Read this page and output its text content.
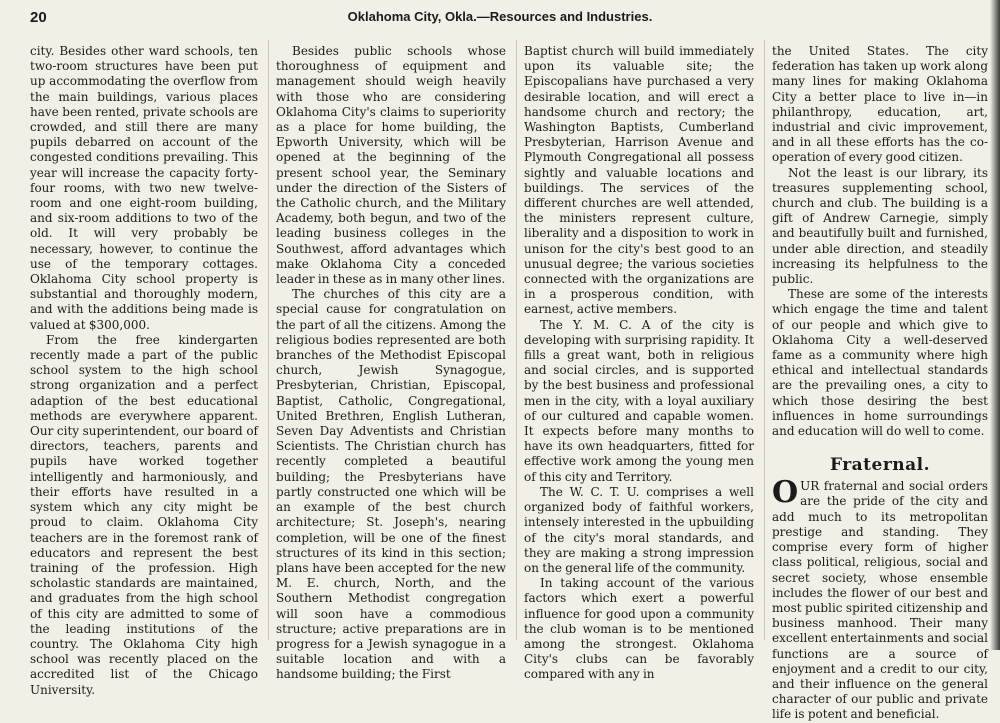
20	Oklahoma City, Okla.—Resources and Industries.

city. Besides other ward schools, ten two-room structures have been put up accommodating the overflow from the main buildings, various places have been rented, private schools are crowded, and still there are many pupils debarred on account of the congested conditions prevailing. This year will increase the capacity forty-four rooms, with two new twelve-room and one eight-room building, and six-room additions to two of the old. It will very probably be necessary, however, to continue the use of the temporary cottages. Oklahoma City school property is substantial and thoroughly modern, and with the additions being made is valued at $300,000.

From the free kindergarten recently made a part of the public school system to the high school strong organization and a perfect adaption of the best educational methods are everywhere apparent. Our city superintendent, our board of directors, teachers, parents and pupils have worked together intelligently and harmoniously, and their efforts have resulted in a system which any city might be proud to claim. Oklahoma City teachers are in the foremost rank of educators and represent the best training of the profession. High scholastic standards are maintained, and graduates from the high school of this city are admitted to some of the leading institutions of the country. The Oklahoma City high school was recently placed on the accredited list of the Chicago University.

Besides public schools whose thoroughness of equipment and management should weigh heavily with those who are considering Oklahoma City's claims to superiority as a place for home building, the Epworth University, which will be opened at the beginning of the present school year, the Seminary under the direction of the Sisters of the Catholic church, and the Military Academy, both begun, and two of the leading business colleges in the Southwest, afford advantages which make Oklahoma City a conceded leader in these as in many other lines.

The churches of this city are a special cause for congratulation on the part of all the citizens. Among the religious bodies represented are both branches of the Methodist Episcopal church, Jewish Synagogue, Presbyterian, Christian, Episcopal, Baptist, Catholic, Congregational, United Brethren, English Lutheran, Seven Day Adventists and Christian Scientists. The Christian church has recently completed a beautiful building; the Presbyterians have partly constructed one which will be an example of the best church architecture; St. Joseph's, nearing completion, will be one of the finest structures of its kind in this section; plans have been accepted for the new M. E. church, North, and the Southern Methodist congregation will soon have a commodious structure; active preparations are in progress for a Jewish synagogue in a suitable location and with a handsome building; the First

Baptist church will build immediately upon its valuable site; the Episcopalians have purchased a very desirable location, and will erect a handsome church and rectory; the Washington Baptists, Cumberland Presbyterian, Harrison Avenue and Plymouth Congregational all possess sightly and valuable locations and buildings. The services of the different churches are well attended, the ministers represent culture, liberality and a disposition to work in unison for the city's best good to an unusual degree; the various societies connected with the organizations are in a prosperous condition, with earnest, active members.

The Y. M. C. A of the city is developing with surprising rapidity. It fills a great want, both in religious and social circles, and is supported by the best business and professional men in the city, with a loyal auxiliary of our cultured and capable women. It expects before many months to have its own headquarters, fitted for effective work among the young men of this city and Territory.

The W. C. T. U. comprises a well organized body of faithful workers, intensely interested in the upbuilding of the city's moral standards, and they are making a strong impression on the general life of the community.

In taking account of the various factors which exert a powerful influence for good upon a community the club woman is to be mentioned among the strongest. Oklahoma City's clubs can be favorably compared with any in

the United States. The city federation has taken up work along many lines for making Oklahoma City a better place to live in—in philanthropy, education, art, industrial and civic improvement, and in all these efforts has the co-operation of every good citizen.

Not the least is our library, its treasures supplementing school, church and club. The building is a gift of Andrew Carnegie, simply and beautifully built and furnished, under able direction, and steadily increasing its helpfulness to the public.

These are some of the interests which engage the time and talent of our people and which give to Oklahoma City a well-deserved fame as a community where high ethical and intellectual standards are the prevailing ones, a city to which those desiring the best influences in home surroundings and education will do well to come.

Fraternal.

OUR fraternal and social orders are the pride of the city and add much to its metropolitan prestige and standing. They comprise every form of higher class political, religious, social and secret society, whose ensemble includes the flower of our best and most public spirited citizenship and business manhood. Their many excellent entertainments and social functions are a source of enjoyment and a credit to our city, and their influence on the general character of our public and private life is potent and beneficial.
